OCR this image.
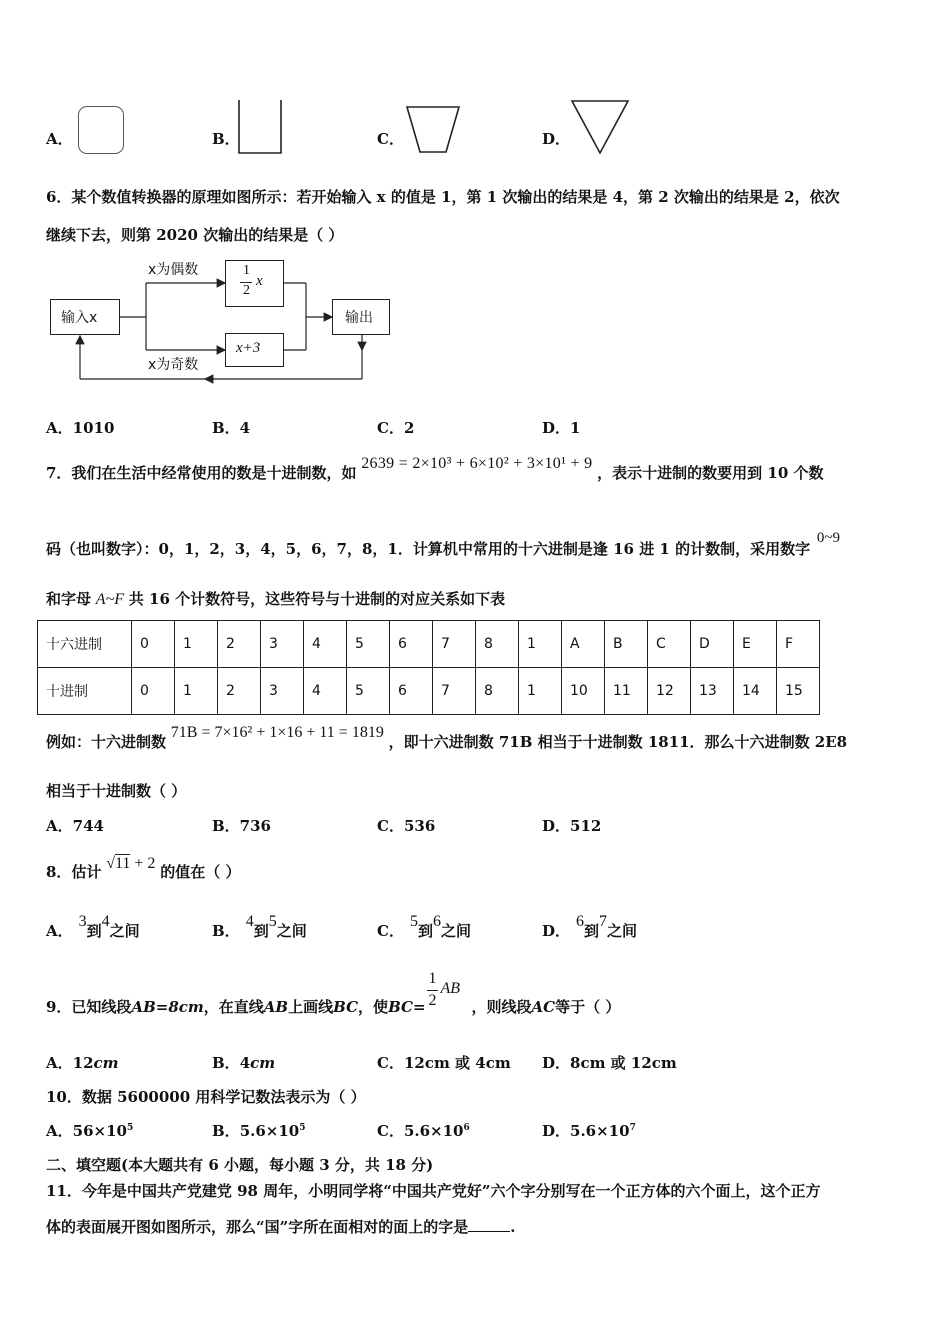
A．	B．	C．	D．
6．某个数值转换器的原理如图所示：若开始输入 x 的值是 1，第 1 次输出的结果是 4，第 2 次输出的结果是 2，依次
继续下去，则第 2020 次输出的结果是（ ）
输入x
1
2
x
x+3
输出
x为偶数
x为奇数
A．1010	B．4	C．2	D．1
7．我们在生活中经常使用的数是十进制数，如 2639 = 2×10³ + 6×10² + 3×10¹ + 9 ，表示十进制的数要用到 10 个数
码（也叫数字）：0，1，2，3，4，5，6，7，8，1．计算机中常用的十六进制是逢 16 进 1 的计数制，采用数字 0~9
和字母 A~F 共 16 个计数符号，这些符号与十进制的对应关系如下表
十六进制	0	1	2	3	4	5	6	7	8	1	A	B	C	D	E	F
十进制	0	1	2	3	4	5	6	7	8	1	10	11	12	13	14	15
例如：十六进制数 71B = 7×16² + 1×16 + 11 = 1819 ，即十六进制数 71B 相当于十进制数 1811．那么十六进制数 2E8
相当于十进制数（ ）
A．744	B．736	C．536	D．512
8．估计 √11 + 2 的值在（ ）
A．3到4之间	B．4到5之间	C．5到6之间	D．6到7之间
9．已知线段AB=8cm，在直线AB上画线BC，使BC=
1
2
AB
，则线段AC等于（ ）
A．12cm	B．4cm	C．12cm 或 4cm D．8cm 或 12cm
10．数据 5600000 用科学记数法表示为（ ）
A．$56\times 10^5$	B．$5.6\times 10^5$	C．$5.6\times 10^6$	D．$5.6\times 10^7$
二、填空题(本大题共有 6 小题，每小题 3 分，共 18 分)
11．今年是中国共产党建党 98 周年，小明同学将“中国共产党好”六个字分别写在一个正方体的六个面上，这个正方
体的表面展开图如图所示，那么“国”字所在面相对的面上的字是	.
